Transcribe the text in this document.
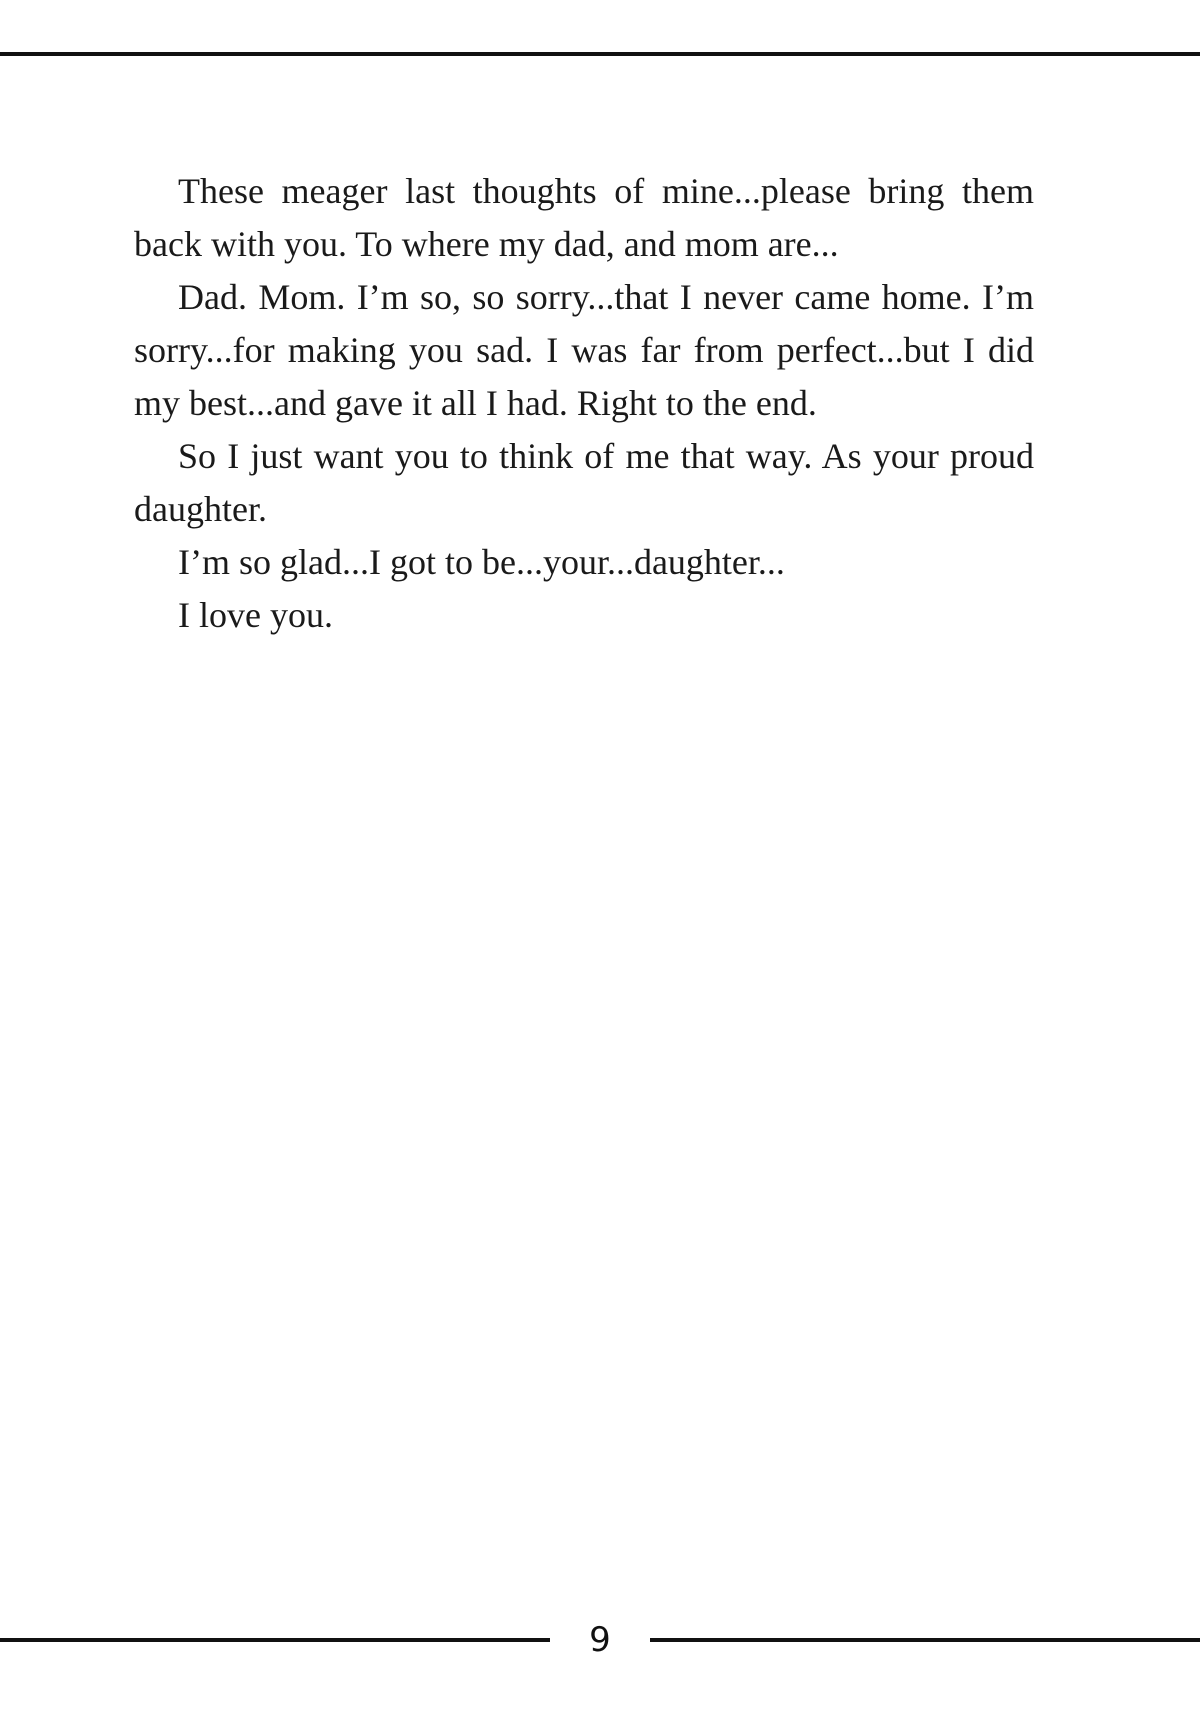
These meager last thoughts of mine...please bring them back with you. To where my dad, and mom are...

Dad. Mom. I’m so, so sorry...that I never came home. I’m sorry...for making you sad. I was far from perfect...but I did my best...and gave it all I had. Right to the end.

So I just want you to think of me that way. As your proud daughter.

I’m so glad...I got to be...your...daughter...

I love you.

9
